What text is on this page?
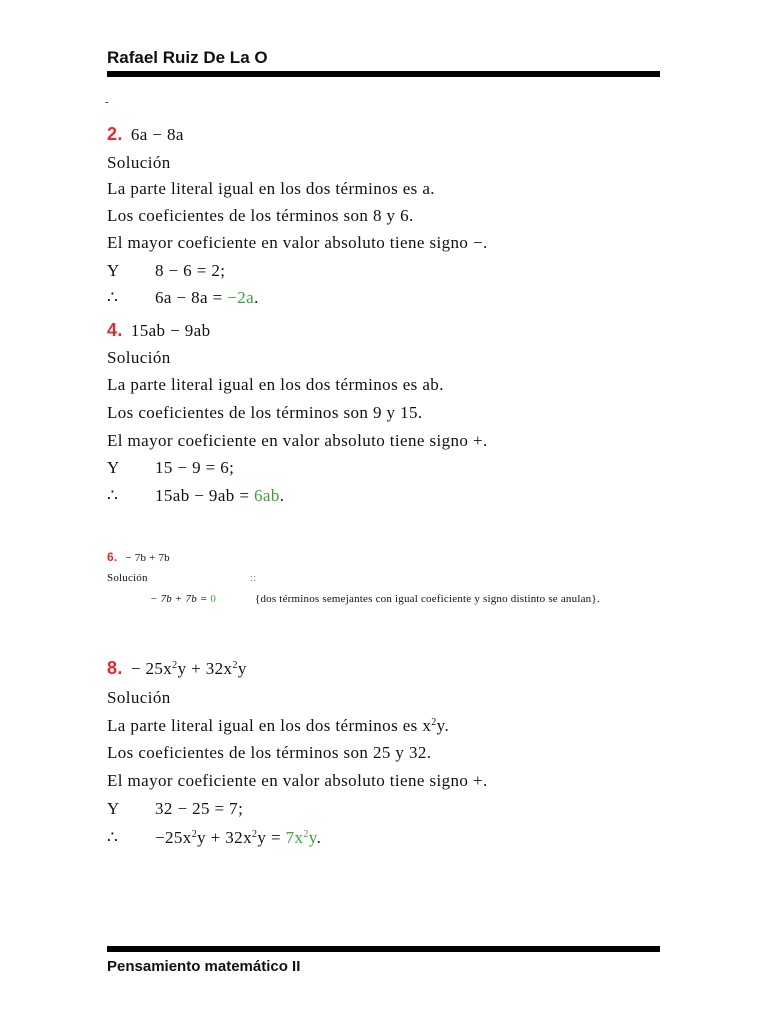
Rafael Ruiz De La O
-
2. 6a − 8a
Solución
La parte literal igual en los dos términos es a.
Los coeficientes de los términos son 8 y 6.
El mayor coeficiente en valor absoluto tiene signo −.
Y 8 − 6 = 2;
∴ 6a − 8a = −2a.
4. 15ab − 9ab
Solución
La parte literal igual en los dos términos es ab.
Los coeficientes de los términos son 9 y 15.
El mayor coeficiente en valor absoluto tiene signo +.
Y 15 − 9 = 6;
∴ 15ab − 9ab = 6ab.
6. − 7b + 7b
Solución	::
− 7b + 7b = 0	{dos términos semejantes con igual coeficiente y signo distinto se anulan}.
8. − $25x^2y + 32x^2y$
Solución
La parte literal igual en los dos términos es $x^2y$.
Los coeficientes de los términos son 25 y 32.
El mayor coeficiente en valor absoluto tiene signo +.
Y 32 − 25 = 7;
∴ $-25x^2y + 32x^2y = 7x^2y$.
Pensamiento matemático II
